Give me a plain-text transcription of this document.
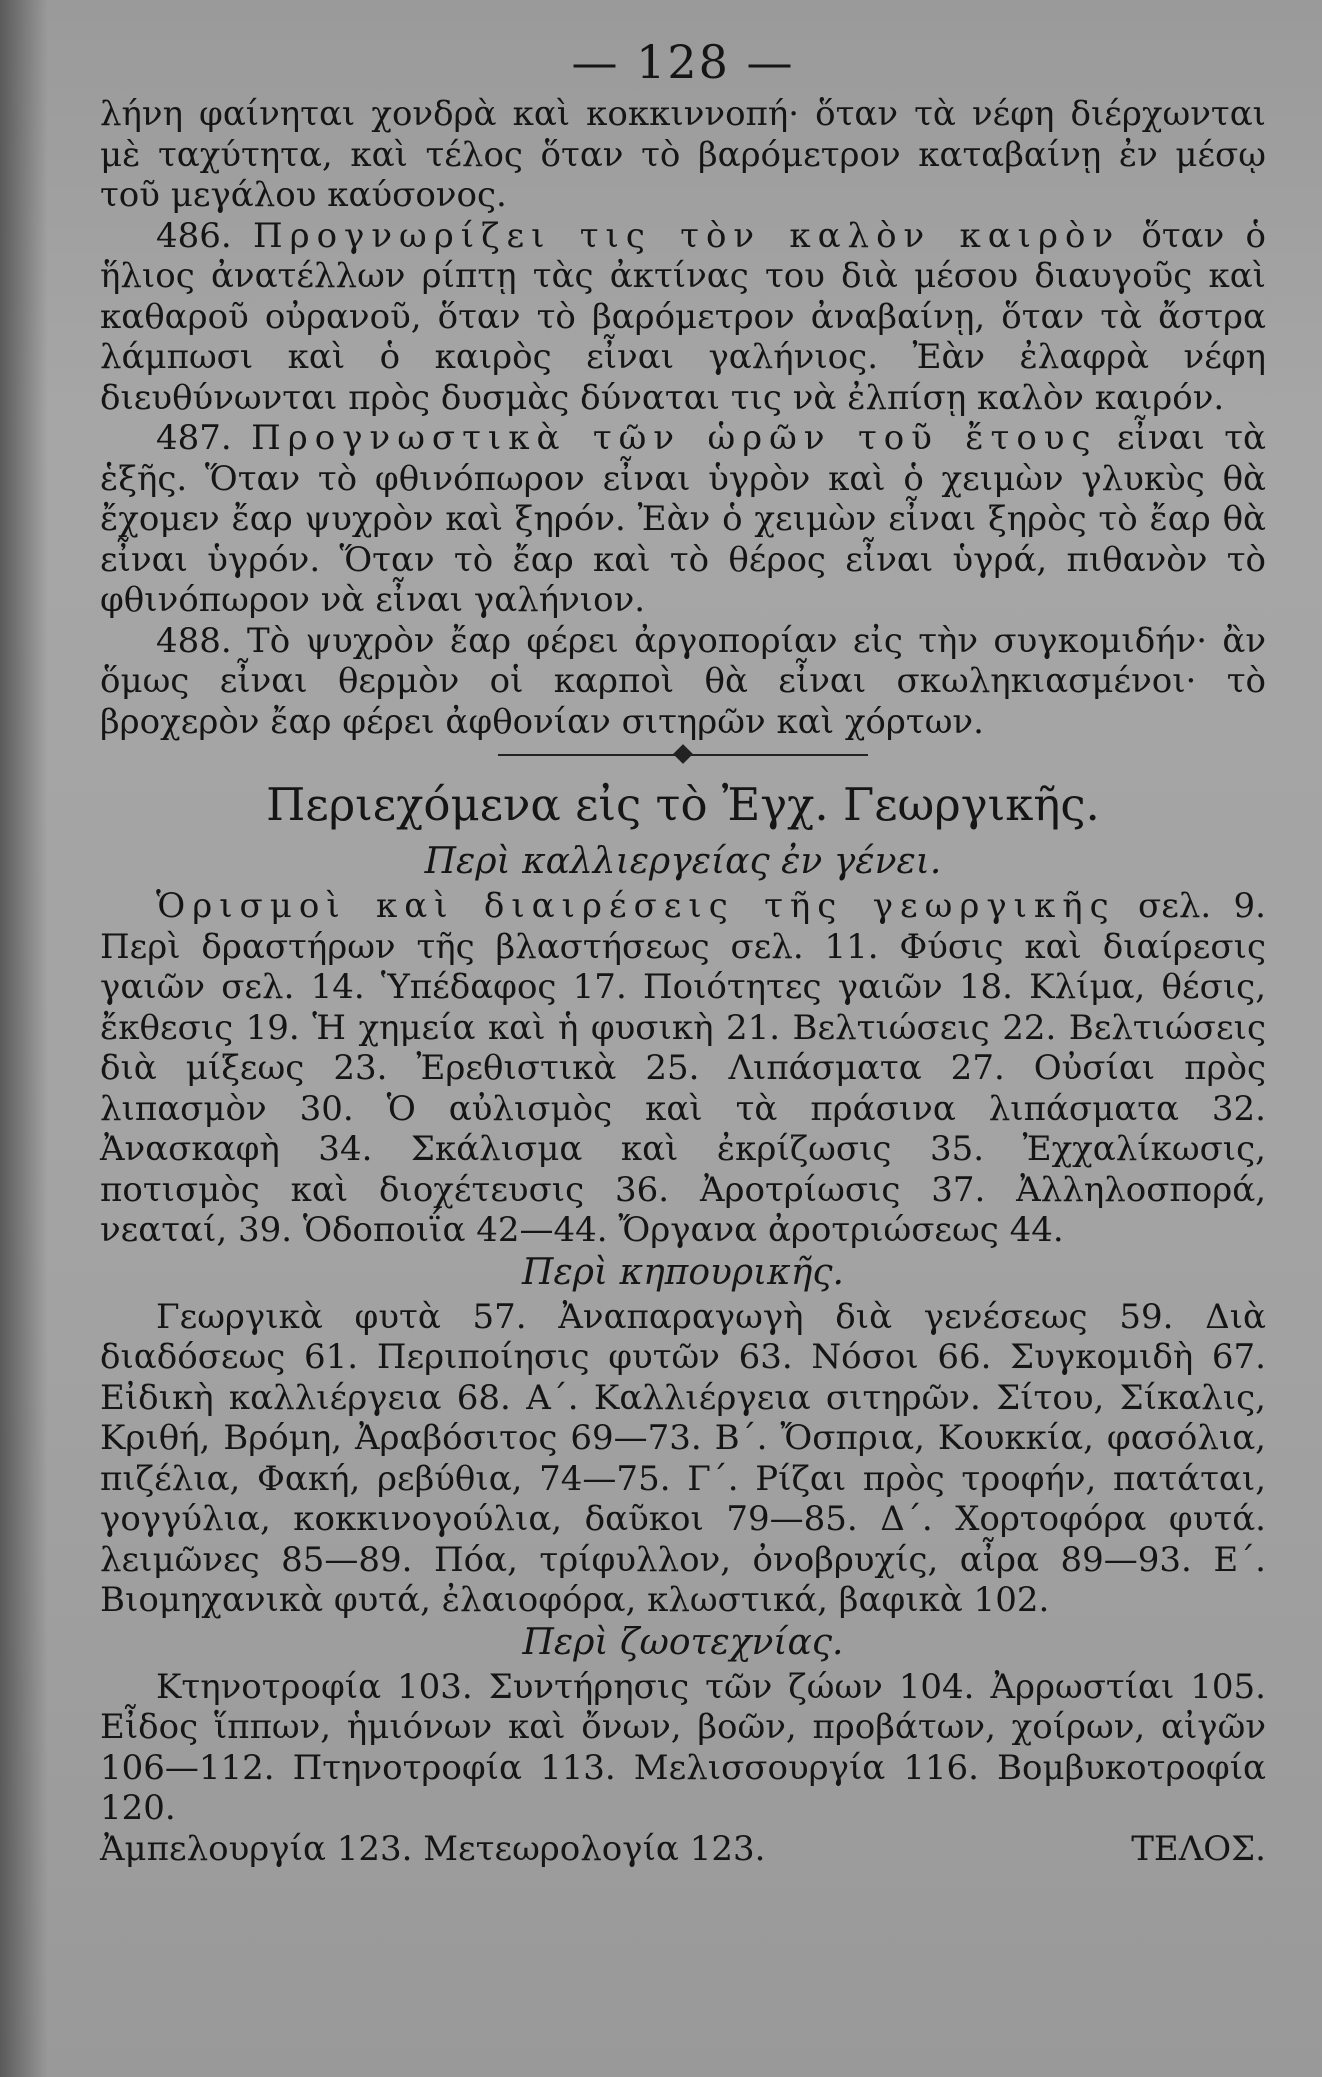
— 128 —

λήνη φαίνηται χονδρὰ καὶ κοκκιννοπή· ὅταν τὰ νέφη διέρχωνται μὲ ταχύτητα, καὶ τέλος ὅταν τὸ βαρόμετρον καταβαίνῃ ἐν μέσῳ τοῦ μεγάλου καύσονος.

486. Προγνωρίζει τις τὸν καλὸν καιρὸν ὅταν ὁ ἥλιος ἀνατέλλων ρίπτῃ τὰς ἀκτίνας του διὰ μέσου διαυγοῦς καὶ καθαροῦ οὐρανοῦ, ὅταν τὸ βαρόμετρον ἀναβαίνῃ, ὅταν τὰ ἄστρα λάμπωσι καὶ ὁ καιρὸς εἶναι γαλήνιος. Ἐὰν ἐλαφρὰ νέφη διευθύνωνται πρὸς δυσμὰς δύναται τις νὰ ἐλπίσῃ καλὸν καιρόν.

487. Προγνωστικὰ τῶν ὡρῶν τοῦ ἔτους εἶναι τὰ ἑξῆς. Ὅταν τὸ φθινόπωρον εἶναι ὑγρὸν καὶ ὁ χειμὼν γλυκὺς θὰ ἔχομεν ἔαρ ψυχρὸν καὶ ξηρόν. Ἐὰν ὁ χειμὼν εἶναι ξηρὸς τὸ ἔαρ θὰ εἶναι ὑγρόν. Ὅταν τὸ ἔαρ καὶ τὸ θέρος εἶναι ὑγρά, πιθανὸν τὸ φθινόπωρον νὰ εἶναι γαλήνιον.

488. Τὸ ψυχρὸν ἔαρ φέρει ἀργοπορίαν εἰς τὴν συγκομιδήν· ἂν ὅμως εἶναι θερμὸν οἱ καρποὶ θὰ εἶναι σκωληκιασμένοι· τὸ βροχερὸν ἔαρ φέρει ἀφθονίαν σιτηρῶν καὶ χόρτων.

Περιεχόμενα εἰς τὸ Ἐγχ. Γεωργικῆς.
Περὶ καλλιεργείας ἐν γένει.

Ὁρισμοὶ καὶ διαιρέσεις τῆς γεωργικῆς σελ. 9. Περὶ δραστήρων τῆς βλαστήσεως σελ. 11. Φύσις καὶ διαίρεσις γαιῶν σελ. 14. Ὑπέδαφος 17. Ποιότητες γαιῶν 18. Κλίμα, θέσις, ἔκθεσις 19. Ἡ χημεία καὶ ἡ φυσικὴ 21. Βελτιώσεις 22. Βελτιώσεις διὰ μίξεως 23. Ἐρεθιστικὰ 25. Λιπάσματα 27. Οὐσίαι πρὸς λιπασμὸν 30. Ὁ αὐλισμὸς καὶ τὰ πράσινα λιπάσματα 32. Ἀνασκαφὴ 34. Σκάλισμα καὶ ἐκρίζωσις 35. Ἐχχαλίκωσις, ποτισμὸς καὶ διοχέτευσις 36. Ἀροτρίωσις 37. Ἀλληλοσπορά, νεαταί, 39. Ὁδοποιΐα 42—44. Ὄργανα ἀροτριώσεως 44.

Περὶ κηπουρικῆς.

Γεωργικὰ φυτὰ 57. Ἀναπαραγωγὴ διὰ γενέσεως 59. Διὰ διαδόσεως 61. Περιποίησις φυτῶν 63. Νόσοι 66. Συγκομιδὴ 67. Εἰδικὴ καλλιέργεια 68. Α΄. Καλλιέργεια σιτηρῶν. Σίτου, Σίκαλις, Κριθή, Βρόμη, Ἀραβόσιτος 69—73. Β΄. Ὄσπρια, Κουκκία, φασόλια, πιζέλια, Φακή, ρεβύθια, 74—75. Γ΄. Ρίζαι πρὸς τροφήν, πατάται, γογγύλια, κοκκινογούλια, δαῦκοι 79—85. Δ΄. Χορτοφόρα φυτά. λειμῶνες 85—89. Πόα, τρίφυλλον, ὀνοβρυχίς, αἶρα 89—93. Ε΄. Βιομηχανικὰ φυτά, ἐλαιοφόρα, κλωστικά, βαφικὰ 102.

Περὶ ζωοτεχνίας.

Κτηνοτροφία 103. Συντήρησις τῶν ζώων 104. Ἀρρωστίαι 105. Εἶδος ἵππων, ἡμιόνων καὶ ὄνων, βοῶν, προβάτων, χοίρων, αἰγῶν 106—112. Πτηνοτροφία 113. Μελισσουργία 116. Βομβυκοτροφία 120.

Ἀμπελουργία 123. Μετεωρολογία 123.	ΤΕΛΟΣ.
